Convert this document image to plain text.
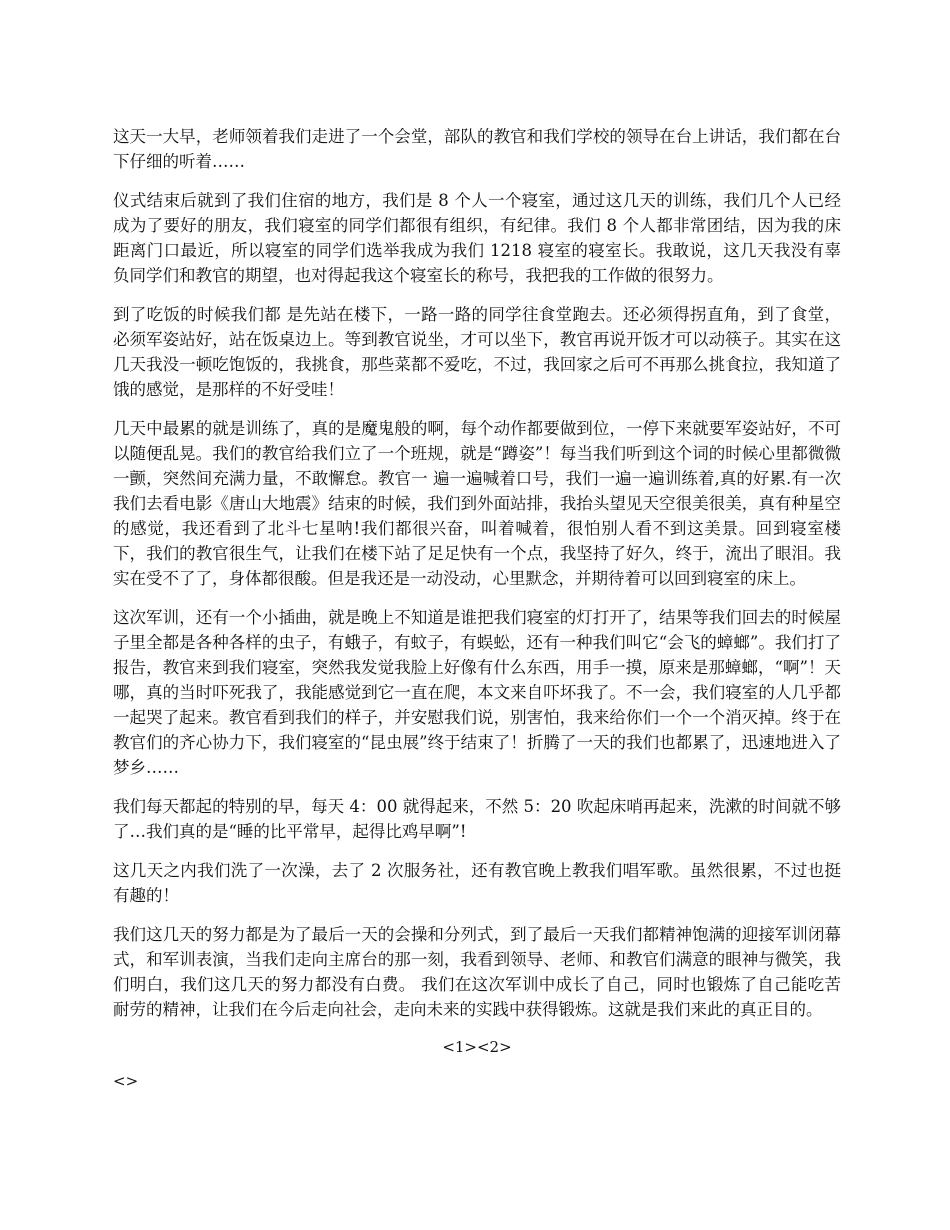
这天一大早，老师领着我们走进了一个会堂，部队的教官和我们学校的领导在台上讲话，我们都在台下仔细的听着……

仪式结束后就到了我们住宿的地方，我们是 8 个人一个寝室，通过这几天的训练，我们几个人已经成为了要好的朋友，我们寝室的同学们都很有组织，有纪律。我们 8 个人都非常团结，因为我的床距离门口最近，所以寝室的同学们选举我成为我们 1218 寝室的寝室长。我敢说，这几天我没有辜负同学们和教官的期望，也对得起我这个寝室长的称号，我把我的工作做的很努力。

到了吃饭的时候我们都 是先站在楼下，一路一路的同学往食堂跑去。还必须得拐直角，到了食堂，必须军姿站好，站在饭桌边上。等到教官说坐，才可以坐下，教官再说开饭才可以动筷子。其实在这几天我没一顿吃饱饭的，我挑食，那些菜都不爱吃，不过，我回家之后可不再那么挑食拉，我知道了饿的感觉，是那样的不好受哇！

几天中最累的就是训练了，真的是魔鬼般的啊，每个动作都要做到位，一停下来就要军姿站好，不可以随便乱晃。我们的教官给我们立了一个班规，就是“蹲姿”！每当我们听到这个词的时候心里都微微一颤，突然间充满力量，不敢懈怠。教官一 遍一遍喊着口号，我们一遍一遍训练着,真的好累.有一次我们去看电影《唐山大地震》结束的时候，我们到外面站排，我抬头望见天空很美很美，真有种星空的感觉，我还看到了北斗七星呐!我们都很兴奋，叫着喊着，很怕别人看不到这美景。回到寝室楼下，我们的教官很生气，让我们在楼下站了足足快有一个点，我坚持了好久，终于，流出了眼泪。我实在受不了了，身体都很酸。但是我还是一动没动，心里默念，并期待着可以回到寝室的床上。

这次军训，还有一个小插曲，就是晚上不知道是谁把我们寝室的灯打开了，结果等我们回去的时候屋子里全都是各种各样的虫子，有蛾子，有蚊子，有蜈蚣，还有一种我们叫它“会飞的蟑螂”。我们打了报告，教官来到我们寝室，突然我发觉我脸上好像有什么东西，用手一摸，原来是那蟑螂，“啊”！天哪，真的当时吓死我了，我能感觉到它一直在爬，本文来自吓坏我了。不一会，我们寝室的人几乎都一起哭了起来。教官看到我们的样子，并安慰我们说，别害怕，我来给你们一个一个消灭掉。终于在教官们的齐心协力下，我们寝室的“昆虫展”终于结束了！折腾了一天的我们也都累了，迅速地进入了梦乡……

我们每天都起的特别的早，每天 4：00 就得起来，不然 5：20 吹起床哨再起来，洗漱的时间就不够了…我们真的是“睡的比平常早，起得比鸡早啊”!

这几天之内我们洗了一次澡，去了 2 次服务社，还有教官晚上教我们唱军歌。虽然很累，不过也挺有趣的！

我们这几天的努力都是为了最后一天的会操和分列式，到了最后一天我们都精神饱满的迎接军训闭幕式，和军训表演，当我们走向主席台的那一刻，我看到领导、老师、和教官们满意的眼神与微笑，我们明白，我们这几天的努力都没有白费。 我们在这次军训中成长了自己，同时也锻炼了自己能吃苦耐劳的精神，让我们在今后走向社会，走向未来的实践中获得锻炼。这就是我们来此的真正目的。

<1><2>

<>
